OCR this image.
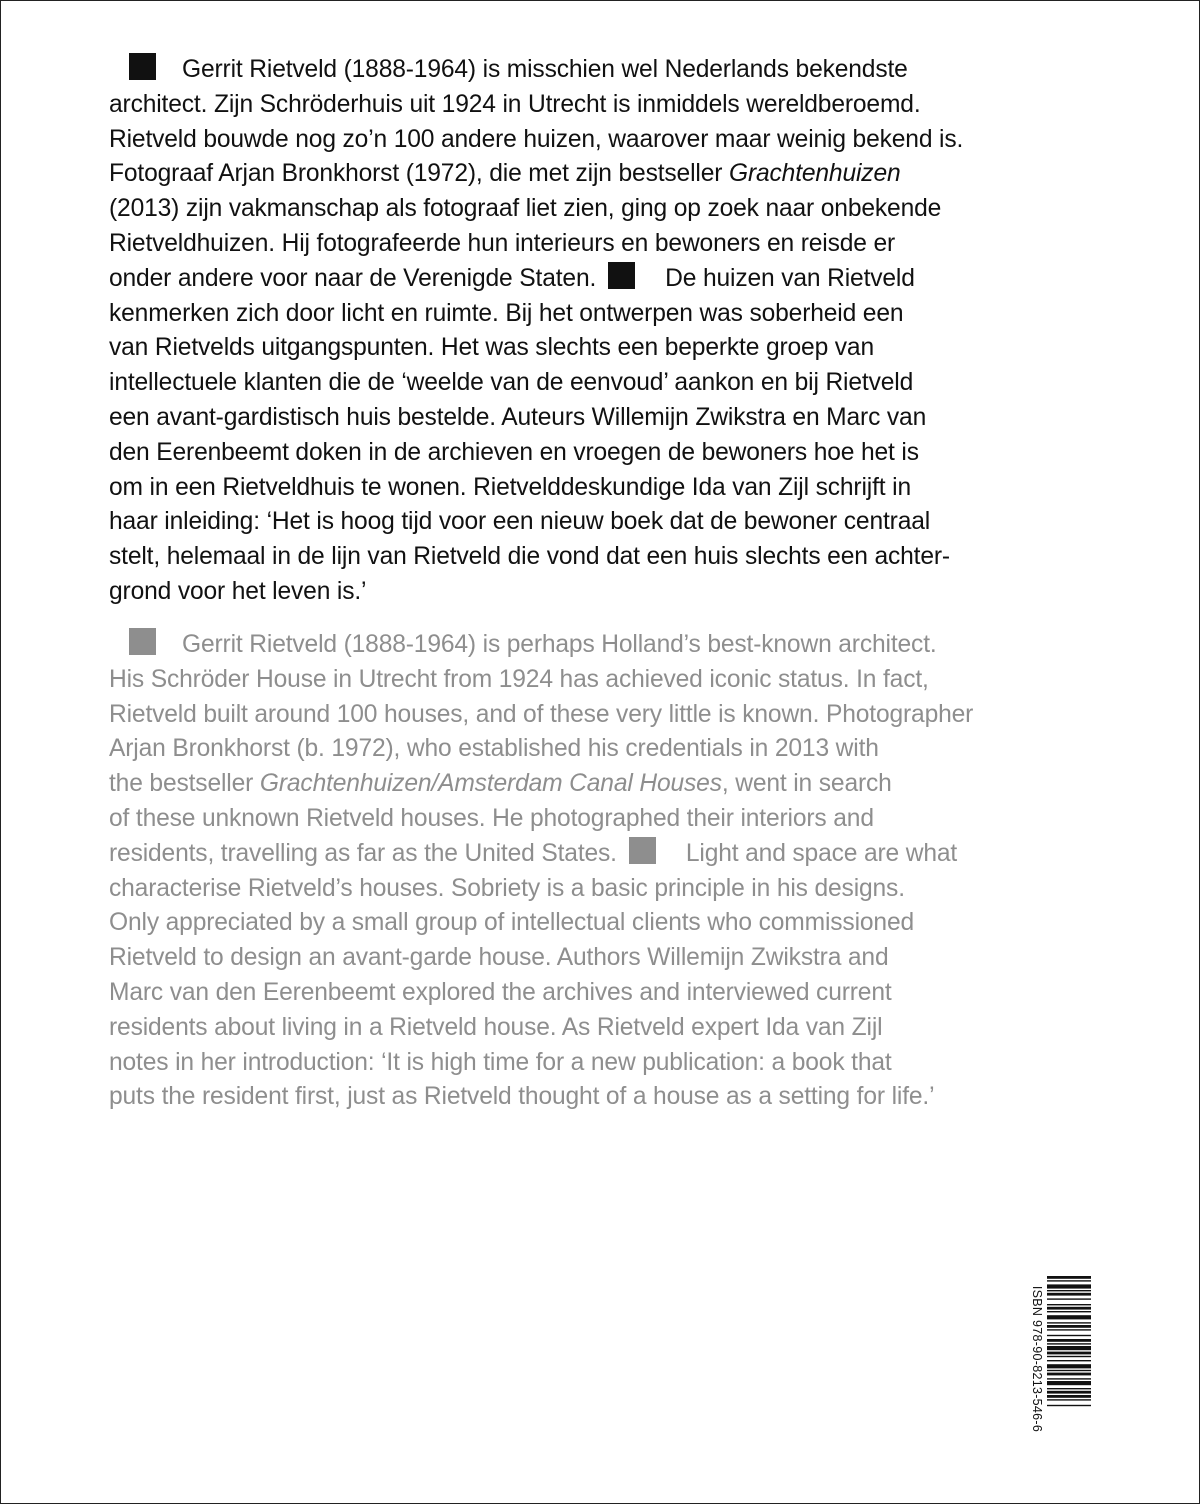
Gerrit Rietveld (1888-1964) is misschien wel Nederlands bekendste
architect. Zijn Schröderhuis uit 1924 in Utrecht is inmiddels wereldberoemd.
Rietveld bouwde nog zo’n 100 andere huizen, waarover maar weinig bekend is.
Fotograaf Arjan Bronkhorst (1972), die met zijn bestseller Grachtenhuizen
(2013) zijn vakmanschap als fotograaf liet zien, ging op zoek naar onbekende
Rietveldhuizen. Hij fotografeerde hun interieurs en bewoners en reisde er
onder andere voor naar de Verenigde Staten.	De huizen van Rietveld
kenmerken zich door licht en ruimte. Bij het ontwerpen was soberheid een
van Rietvelds uitgangspunten. Het was slechts een beperkte groep van
intellectuele klanten die de ‘weelde van de eenvoud’ aankon en bij Rietveld
een avant-gardistisch huis bestelde. Auteurs Willemijn Zwikstra en Marc van
den Eerenbeemt doken in de archieven en vroegen de bewoners hoe het is
om in een Rietveldhuis te wonen. Rietvelddeskundige Ida van Zijl schrijft in
haar inleiding: ‘Het is hoog tijd voor een nieuw boek dat de bewoner centraal
stelt, helemaal in de lijn van Rietveld die vond dat een huis slechts een achter-
grond voor het leven is.’
Gerrit Rietveld (1888-1964) is perhaps Holland’s best-known architect.
His Schröder House in Utrecht from 1924 has achieved iconic status. In fact,
Rietveld built around 100 houses, and of these very little is known. Photographer
Arjan Bronkhorst (b. 1972), who established his credentials in 2013 with
the bestseller Grachtenhuizen/Amsterdam Canal Houses, went in search
of these unknown Rietveld houses. He photographed their interiors and
residents, travelling as far as the United States.	Light and space are what
characterise Rietveld’s houses. Sobriety is a basic principle in his designs.
Only appreciated by a small group of intellectual clients who commissioned
Rietveld to design an avant-garde house. Authors Willemijn Zwikstra and
Marc van den Eerenbeemt explored the archives and interviewed current
residents about living in a Rietveld house. As Rietveld expert Ida van Zijl
notes in her introduction: ‘It is high time for a new publication: a book that
puts the resident first, just as Rietveld thought of a house as a setting for life.’
ISBN 978-90-8213-546-6
